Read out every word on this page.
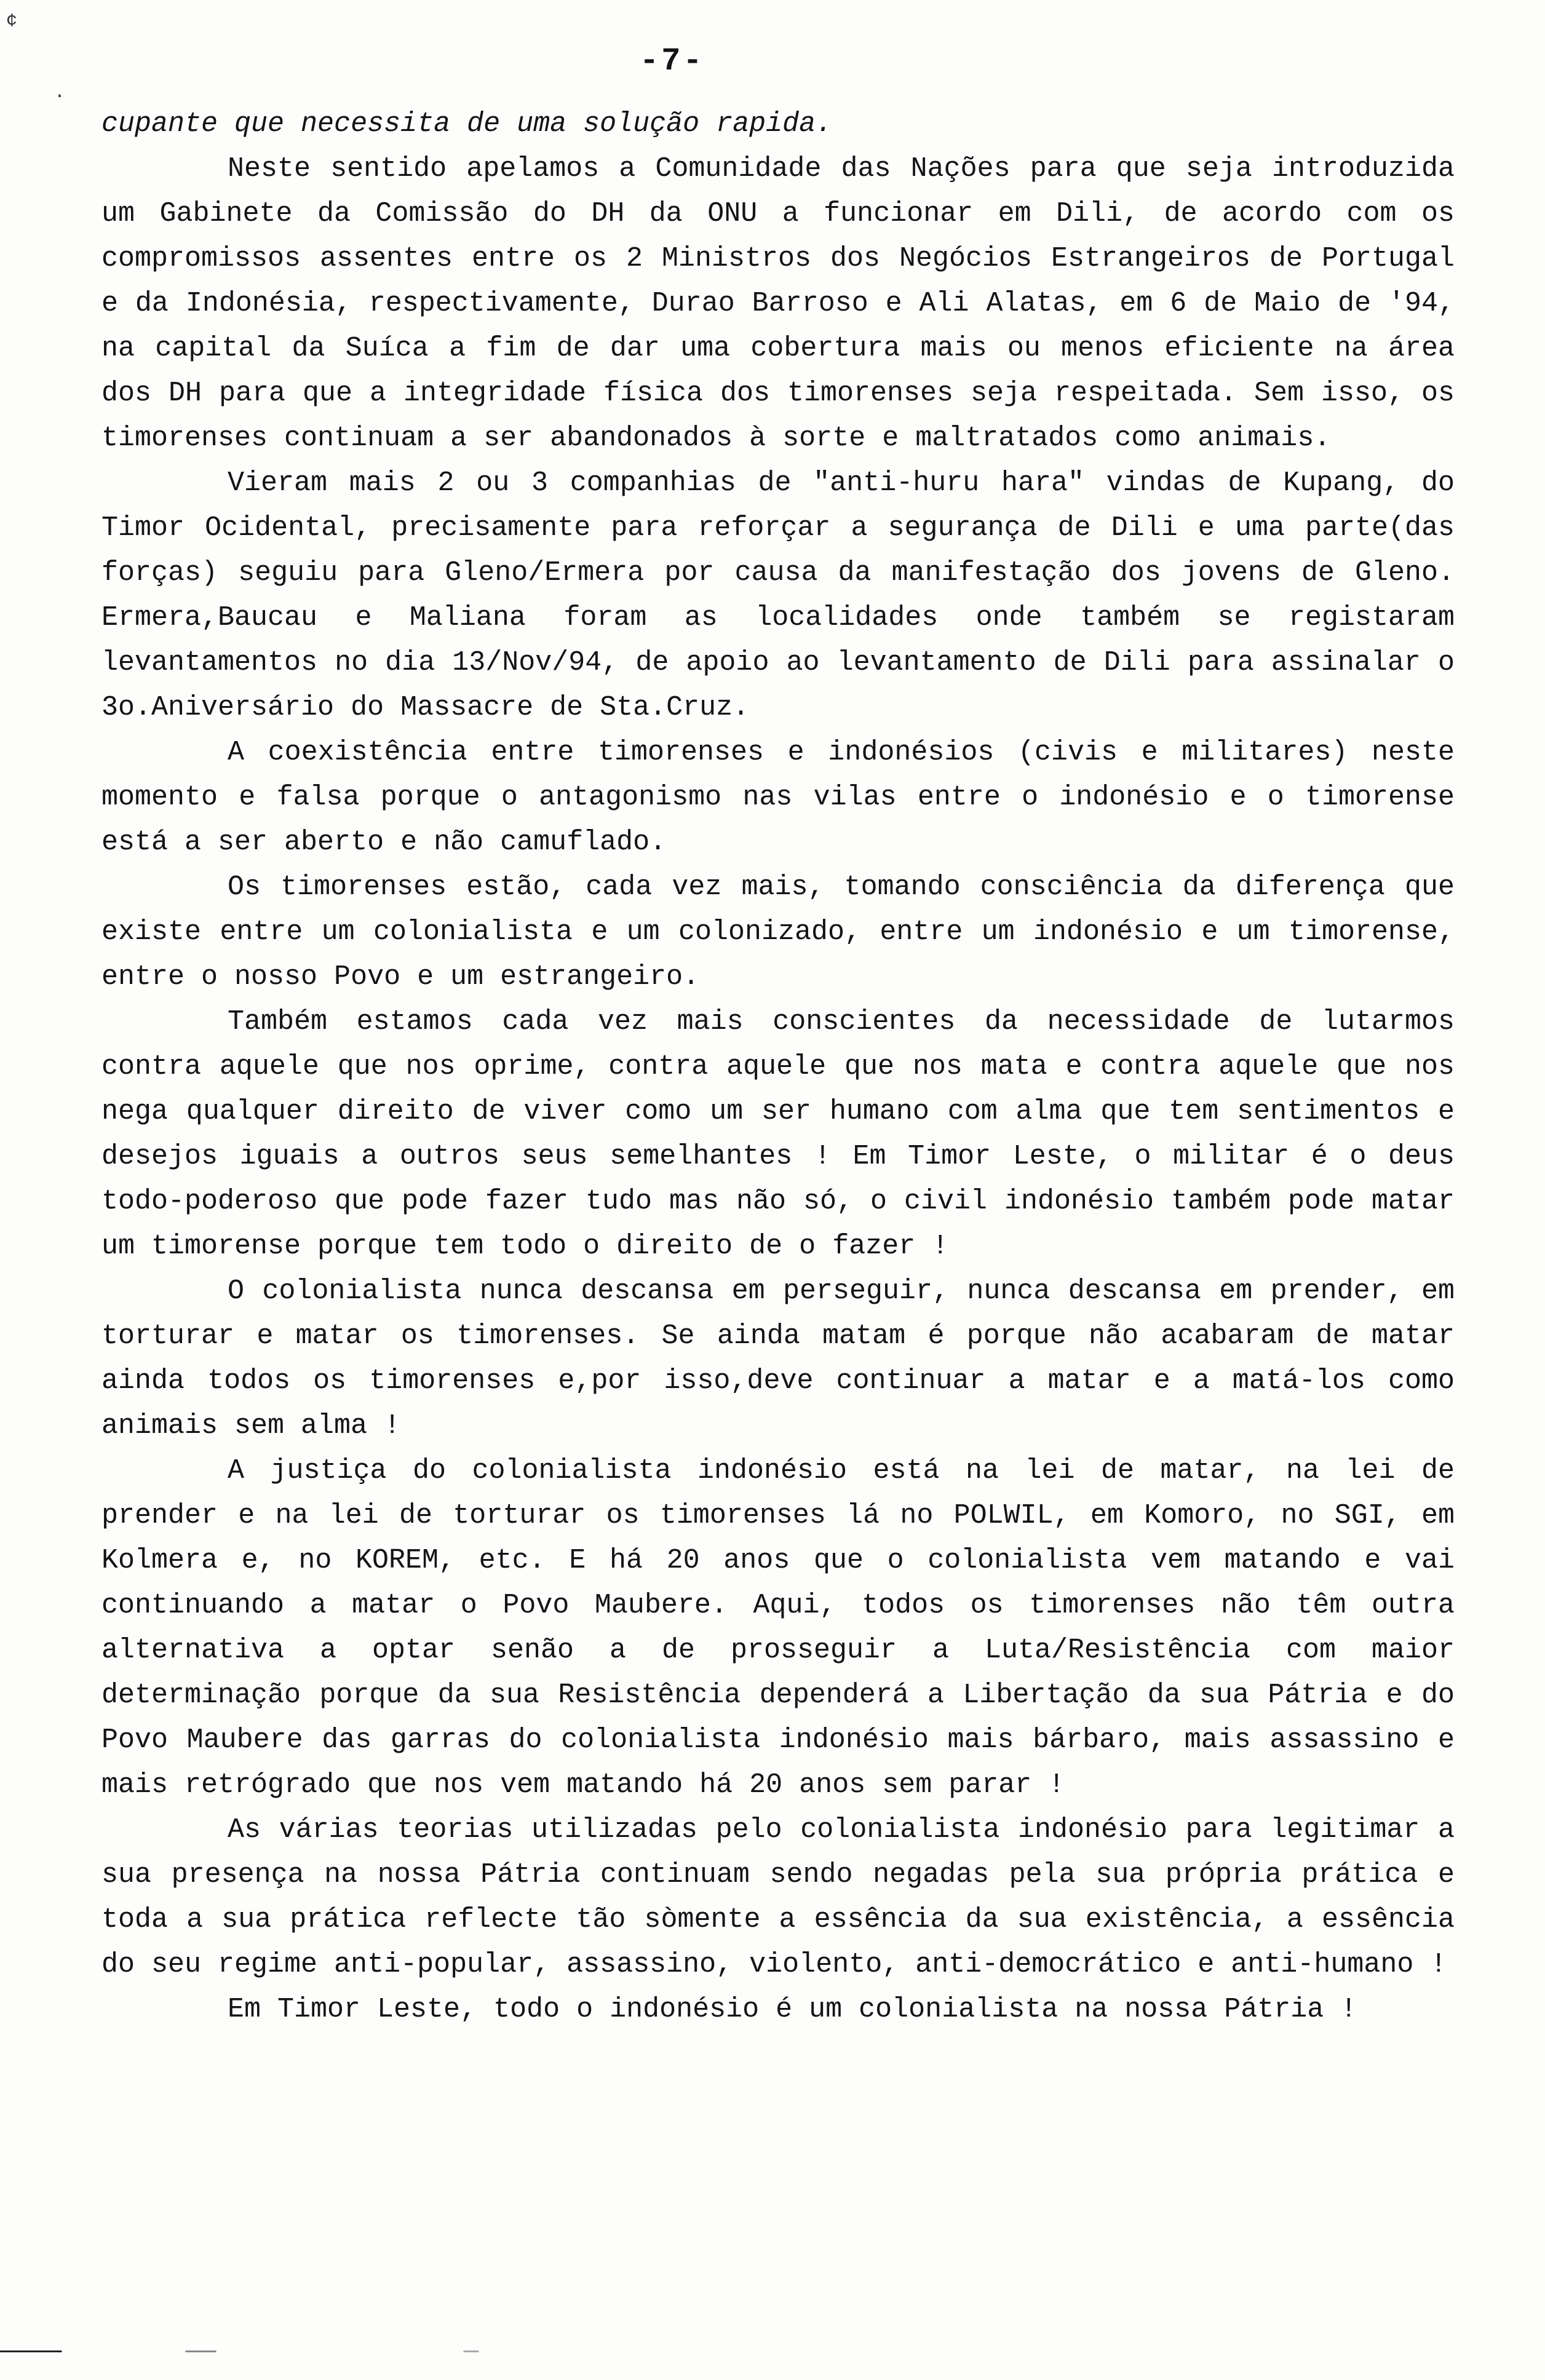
¢
·
-7-

cupante que necessita de uma solução rapida.

Neste sentido apelamos a Comunidade das Nações para que seja introduzida um Gabinete da Comissão do DH da ONU a funcionar em Dili, de acordo com os compromissos assentes entre os 2 Ministros dos Negócios Estrangeiros de Portugal e da Indonésia, respectivamente, Durao Barroso e Ali Alatas, em 6 de Maio de '94, na capital da Suíca a fim de dar uma cobertura mais ou menos eficiente na área dos DH para que a integridade física dos timorenses seja respeitada. Sem isso, os timorenses continuam a ser abandonados à sorte e maltratados como animais.

Vieram mais 2 ou 3 companhias de "anti-huru hara" vindas de Kupang, do Timor Ocidental, precisamente para reforçar a segurança de Dili e uma parte(das forças) seguiu para Gleno/Ermera por causa da manifestação dos jovens de Gleno. Ermera,Baucau e Maliana foram as localidades onde também se registaram levantamentos no dia 13/Nov/94, de apoio ao levantamento de Dili para assinalar o 3o.Aniversário do Massacre de Sta.Cruz.

A coexistência entre timorenses e indonésios (civis e militares) neste momento e falsa porque o antagonismo nas vilas entre o indonésio e o timorense está a ser aberto e não camuflado.

Os timorenses estão, cada vez mais, tomando consciência da diferença que existe entre um colonialista e um colonizado, entre um indonésio e um timorense, entre o nosso Povo e um estrangeiro.

Também estamos cada vez mais conscientes da necessidade de lutarmos contra aquele que nos oprime, contra aquele que nos mata e contra aquele que nos nega qualquer direito de viver como um ser humano com alma que tem sentimentos e desejos iguais a outros seus semelhantes ! Em Timor Leste, o militar é o deus todo-poderoso que pode fazer tudo mas não só, o civil indonésio também pode matar um timorense porque tem todo o direito de o fazer !

O colonialista nunca descansa em perseguir, nunca descansa em prender, em torturar e matar os timorenses. Se ainda matam é porque não acabaram de matar ainda todos os timorenses e,por isso,deve continuar a matar e a matá-los como animais sem alma !

A justiça do colonialista indonésio está na lei de matar, na lei de prender e na lei de torturar os timorenses lá no POLWIL, em Komoro, no SGI, em Kolmera e, no KOREM, etc. E há 20 anos que o colonialista vem matando e vai continuando a matar o Povo Maubere. Aqui, todos os timorenses não têm outra alternativa a optar senão a de prosseguir a Luta/Resistência com maior determinação porque da sua Resistência dependerá a Libertação da sua Pátria e do Povo Maubere das garras do colonialista indonésio mais bárbaro, mais assassino e mais retrógrado que nos vem matando há 20 anos sem parar !

As várias teorias utilizadas pelo colonialista indonésio para legitimar a sua presença na nossa Pátria continuam sendo negadas pela sua própria prática e toda a sua prática reflecte tão sòmente a essência da sua existência, a essência do seu regime anti-popular, assassino, violento, anti-democrático e anti-humano !

Em Timor Leste, todo o indonésio é um colonialista na nossa Pátria !
